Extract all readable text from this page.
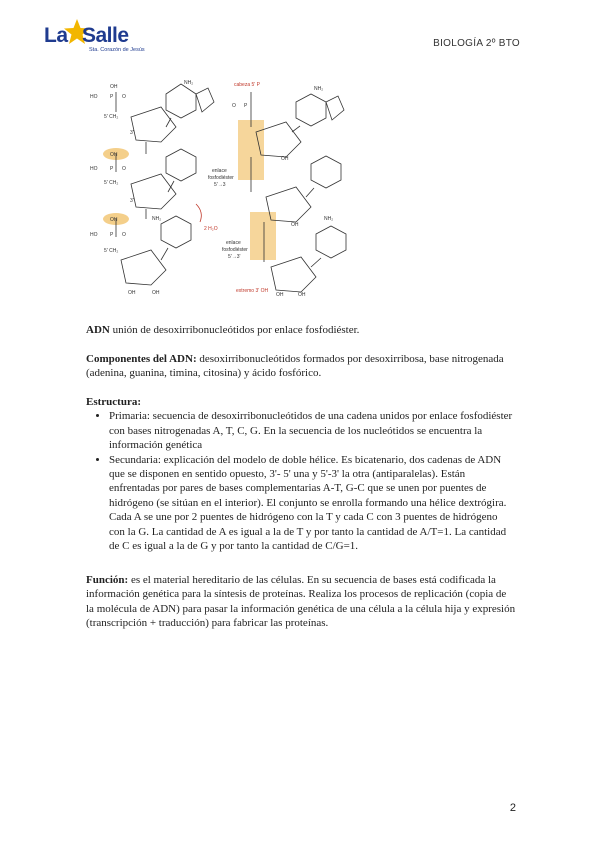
La Salle
Sta. Corazón de Jesús
BIOLOGÍA 2º BTO
HO	P
OH
O
5' CH₂
OH
3'
HO	P O
5' CH₂
OH
3'
HO	P O
5' CH₂
OH	OH
NH₂
NH₂
2 H₂O
cabeza 5' P
O P
enlace
fosfodiéster
5'→3
enlace
fosfodiéster
5'→3'
NH₂
NH₂
OH
OH
OH	OH
extremo 3' OH

ADN unión de desoxirribonucleótidos por enlace fosfodiéster.

Componentes del ADN: desoxirribonucleótidos formados por desoxirribosa, base nitrogenada (adenina, guanina, timina, citosina) y ácido fosfórico.

Estructura:

• Primaria: secuencia de desoxirribonucleótidos de una cadena unidos por enlace fosfodiéster con bases nitrogenadas A, T, C, G. En la secuencia de los nucleótidos se encuentra la información genética
• Secundaria: explicación del modelo de doble hélice. Es bicatenario, dos cadenas de ADN que se disponen en sentido opuesto, 3'- 5' una y 5'-3' la otra (antiparalelas). Están enfrentadas por pares de bases complementarias A-T, G-C que se unen por puentes de hidrógeno (se sitúan en el interior). El conjunto se enrolla formando una hélice dextrógira. Cada A se une por 2 puentes de hidrógeno con la T y cada C con 3 puentes de hidrógeno con la G. La cantidad de A es igual a la de T y por tanto la cantidad de A/T=1. La cantidad de C es igual a la de G y por tanto la cantidad de C/G=1.

Función: es el material hereditario de las células. En su secuencia de bases está codificada la información genética para la síntesis de proteínas. Realiza los procesos de replicación (copia de la molécula de ADN) para pasar la información genética de una célula a la célula hija y expresión (transcripción + traducción) para fabricar las proteínas.

2
